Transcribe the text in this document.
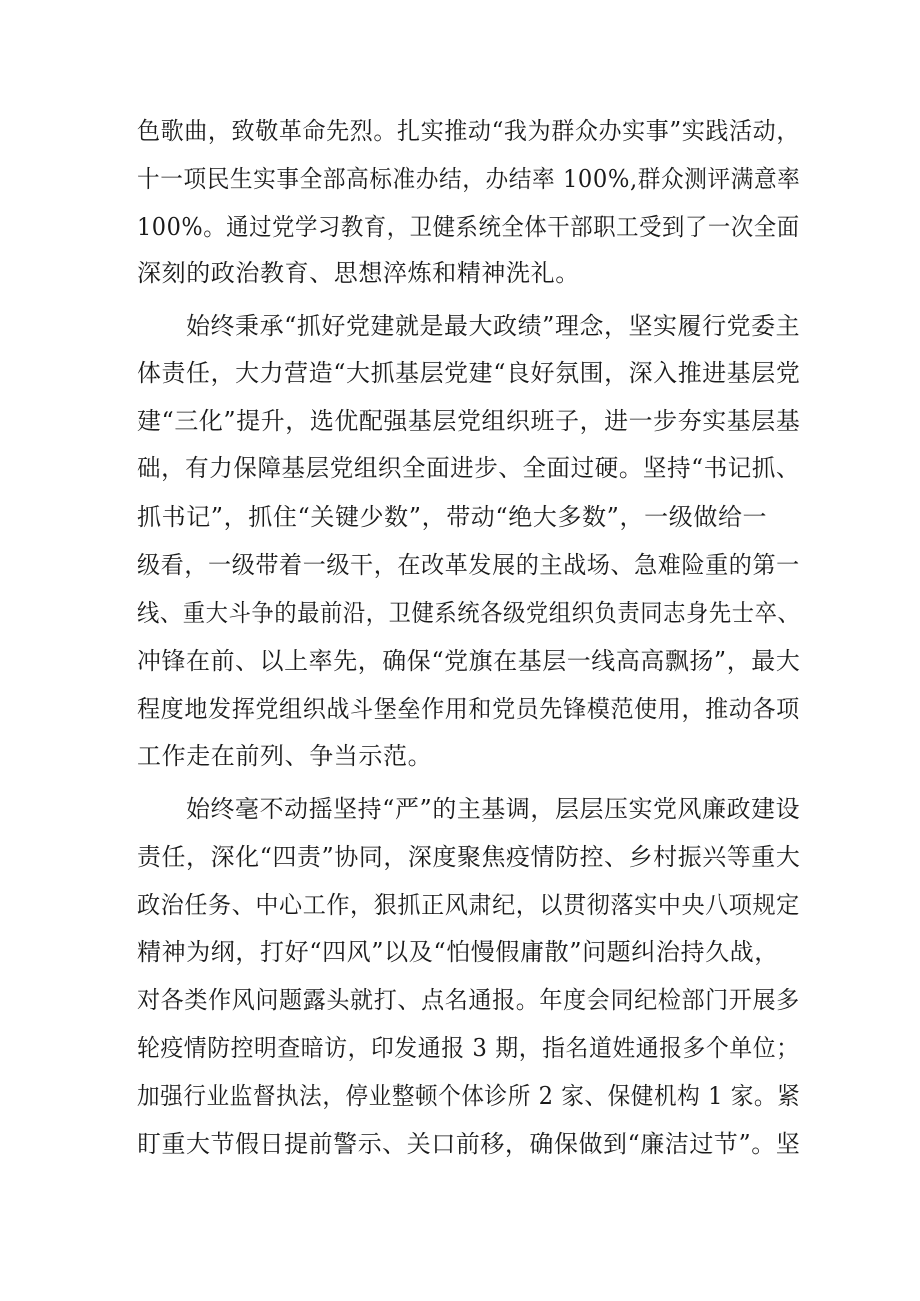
色歌曲，致敬革命先烈。扎实推动“我为群众办实事”实践活动，
十一项民生实事全部高标准办结，办结率 100%,群众测评满意率
100%。通过党学习教育，卫健系统全体干部职工受到了一次全面
深刻的政治教育、思想淬炼和精神洗礼。
始终秉承“抓好党建就是最大政绩”理念，坚实履行党委主
体责任，大力营造“大抓基层党建“良好氛围，深入推进基层党
建“三化”提升，选优配强基层党组织班子，进一步夯实基层基
础，有力保障基层党组织全面进步、全面过硬。坚持“书记抓、
抓书记”，抓住“关键少数”，带动“绝大多数”，一级做给一
级看，一级带着一级干，在改革发展的主战场、急难险重的第一
线、重大斗争的最前沿，卫健系统各级党组织负责同志身先士卒、
冲锋在前、以上率先，确保“党旗在基层一线高高飘扬”，最大
程度地发挥党组织战斗堡垒作用和党员先锋模范使用，推动各项
工作走在前列、争当示范。
始终毫不动摇坚持“严”的主基调，层层压实党风廉政建设
责任，深化“四责”协同，深度聚焦疫情防控、乡村振兴等重大
政治任务、中心工作，狠抓正风肃纪，以贯彻落实中央八项规定
精神为纲，打好“四风”以及“怕慢假庸散”问题纠治持久战，
对各类作风问题露头就打、点名通报。年度会同纪检部门开展多
轮疫情防控明查暗访，印发通报 3 期，指名道姓通报多个单位；
加强行业监督执法，停业整顿个体诊所 2 家、保健机构 1 家。紧
盯重大节假日提前警示、关口前移，确保做到“廉洁过节”。坚
